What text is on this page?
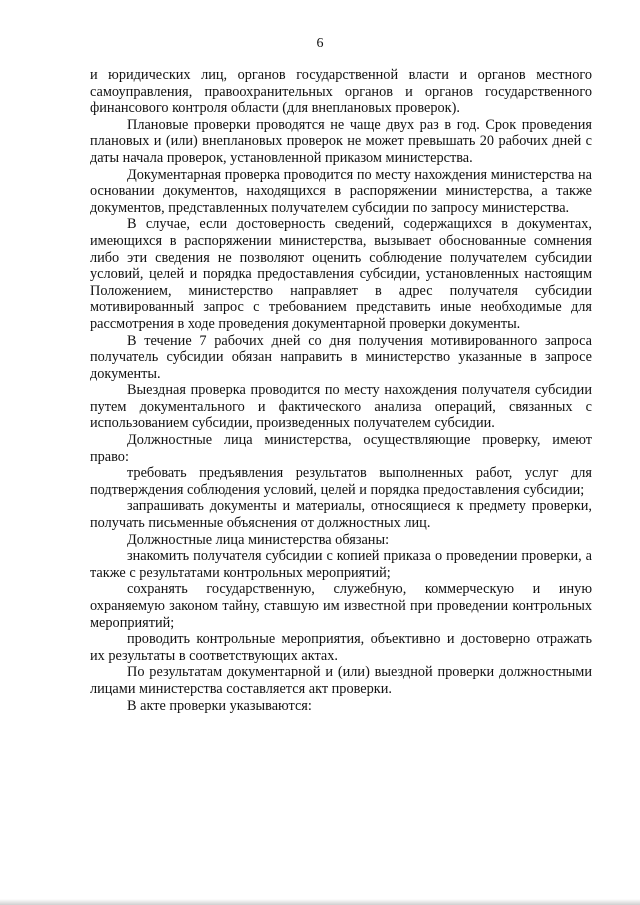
6

и юридических лиц, органов государственной власти и органов местного самоуправления, правоохранительных органов и органов государственного финансового контроля области (для внеплановых проверок).

Плановые проверки проводятся не чаще двух раз в год. Срок проведения плановых и (или) внеплановых проверок не может превышать 20 рабочих дней с даты начала проверок, установленной приказом министерства.

Документарная проверка проводится по месту нахождения министерства на основании документов, находящихся в распоряжении министерства, а также документов, представленных получателем субсидии по запросу министерства.

В случае, если достоверность сведений, содержащихся в документах, имеющихся в распоряжении министерства, вызывает обоснованные сомнения либо эти сведения не позволяют оценить соблюдение получателем субсидии условий, целей и порядка предоставления субсидии, установленных настоящим Положением, министерство направляет в адрес получателя субсидии мотивированный запрос с требованием представить иные необходимые для рассмотрения в ходе проведения документарной проверки документы.

В течение 7 рабочих дней со дня получения мотивированного запроса получатель субсидии обязан направить в министерство указанные в запросе документы.

Выездная проверка проводится по месту нахождения получателя субсидии путем документального и фактического анализа операций, связанных с использованием субсидии, произведенных получателем субсидии.

Должностные лица министерства, осуществляющие проверку, имеют право:

требовать предъявления результатов выполненных работ, услуг для подтверждения соблюдения условий, целей и порядка предоставления субсидии;

запрашивать документы и материалы, относящиеся к предмету проверки, получать письменные объяснения от должностных лиц.

Должностные лица министерства обязаны:

знакомить получателя субсидии с копией приказа о проведении проверки, а также с результатами контрольных мероприятий;

сохранять государственную, служебную, коммерческую и иную охраняемую законом тайну, ставшую им известной при проведении контрольных мероприятий;

проводить контрольные мероприятия, объективно и достоверно отражать их результаты в соответствующих актах.

По результатам документарной и (или) выездной проверки должностными лицами министерства составляется акт проверки.

В акте проверки указываются:
